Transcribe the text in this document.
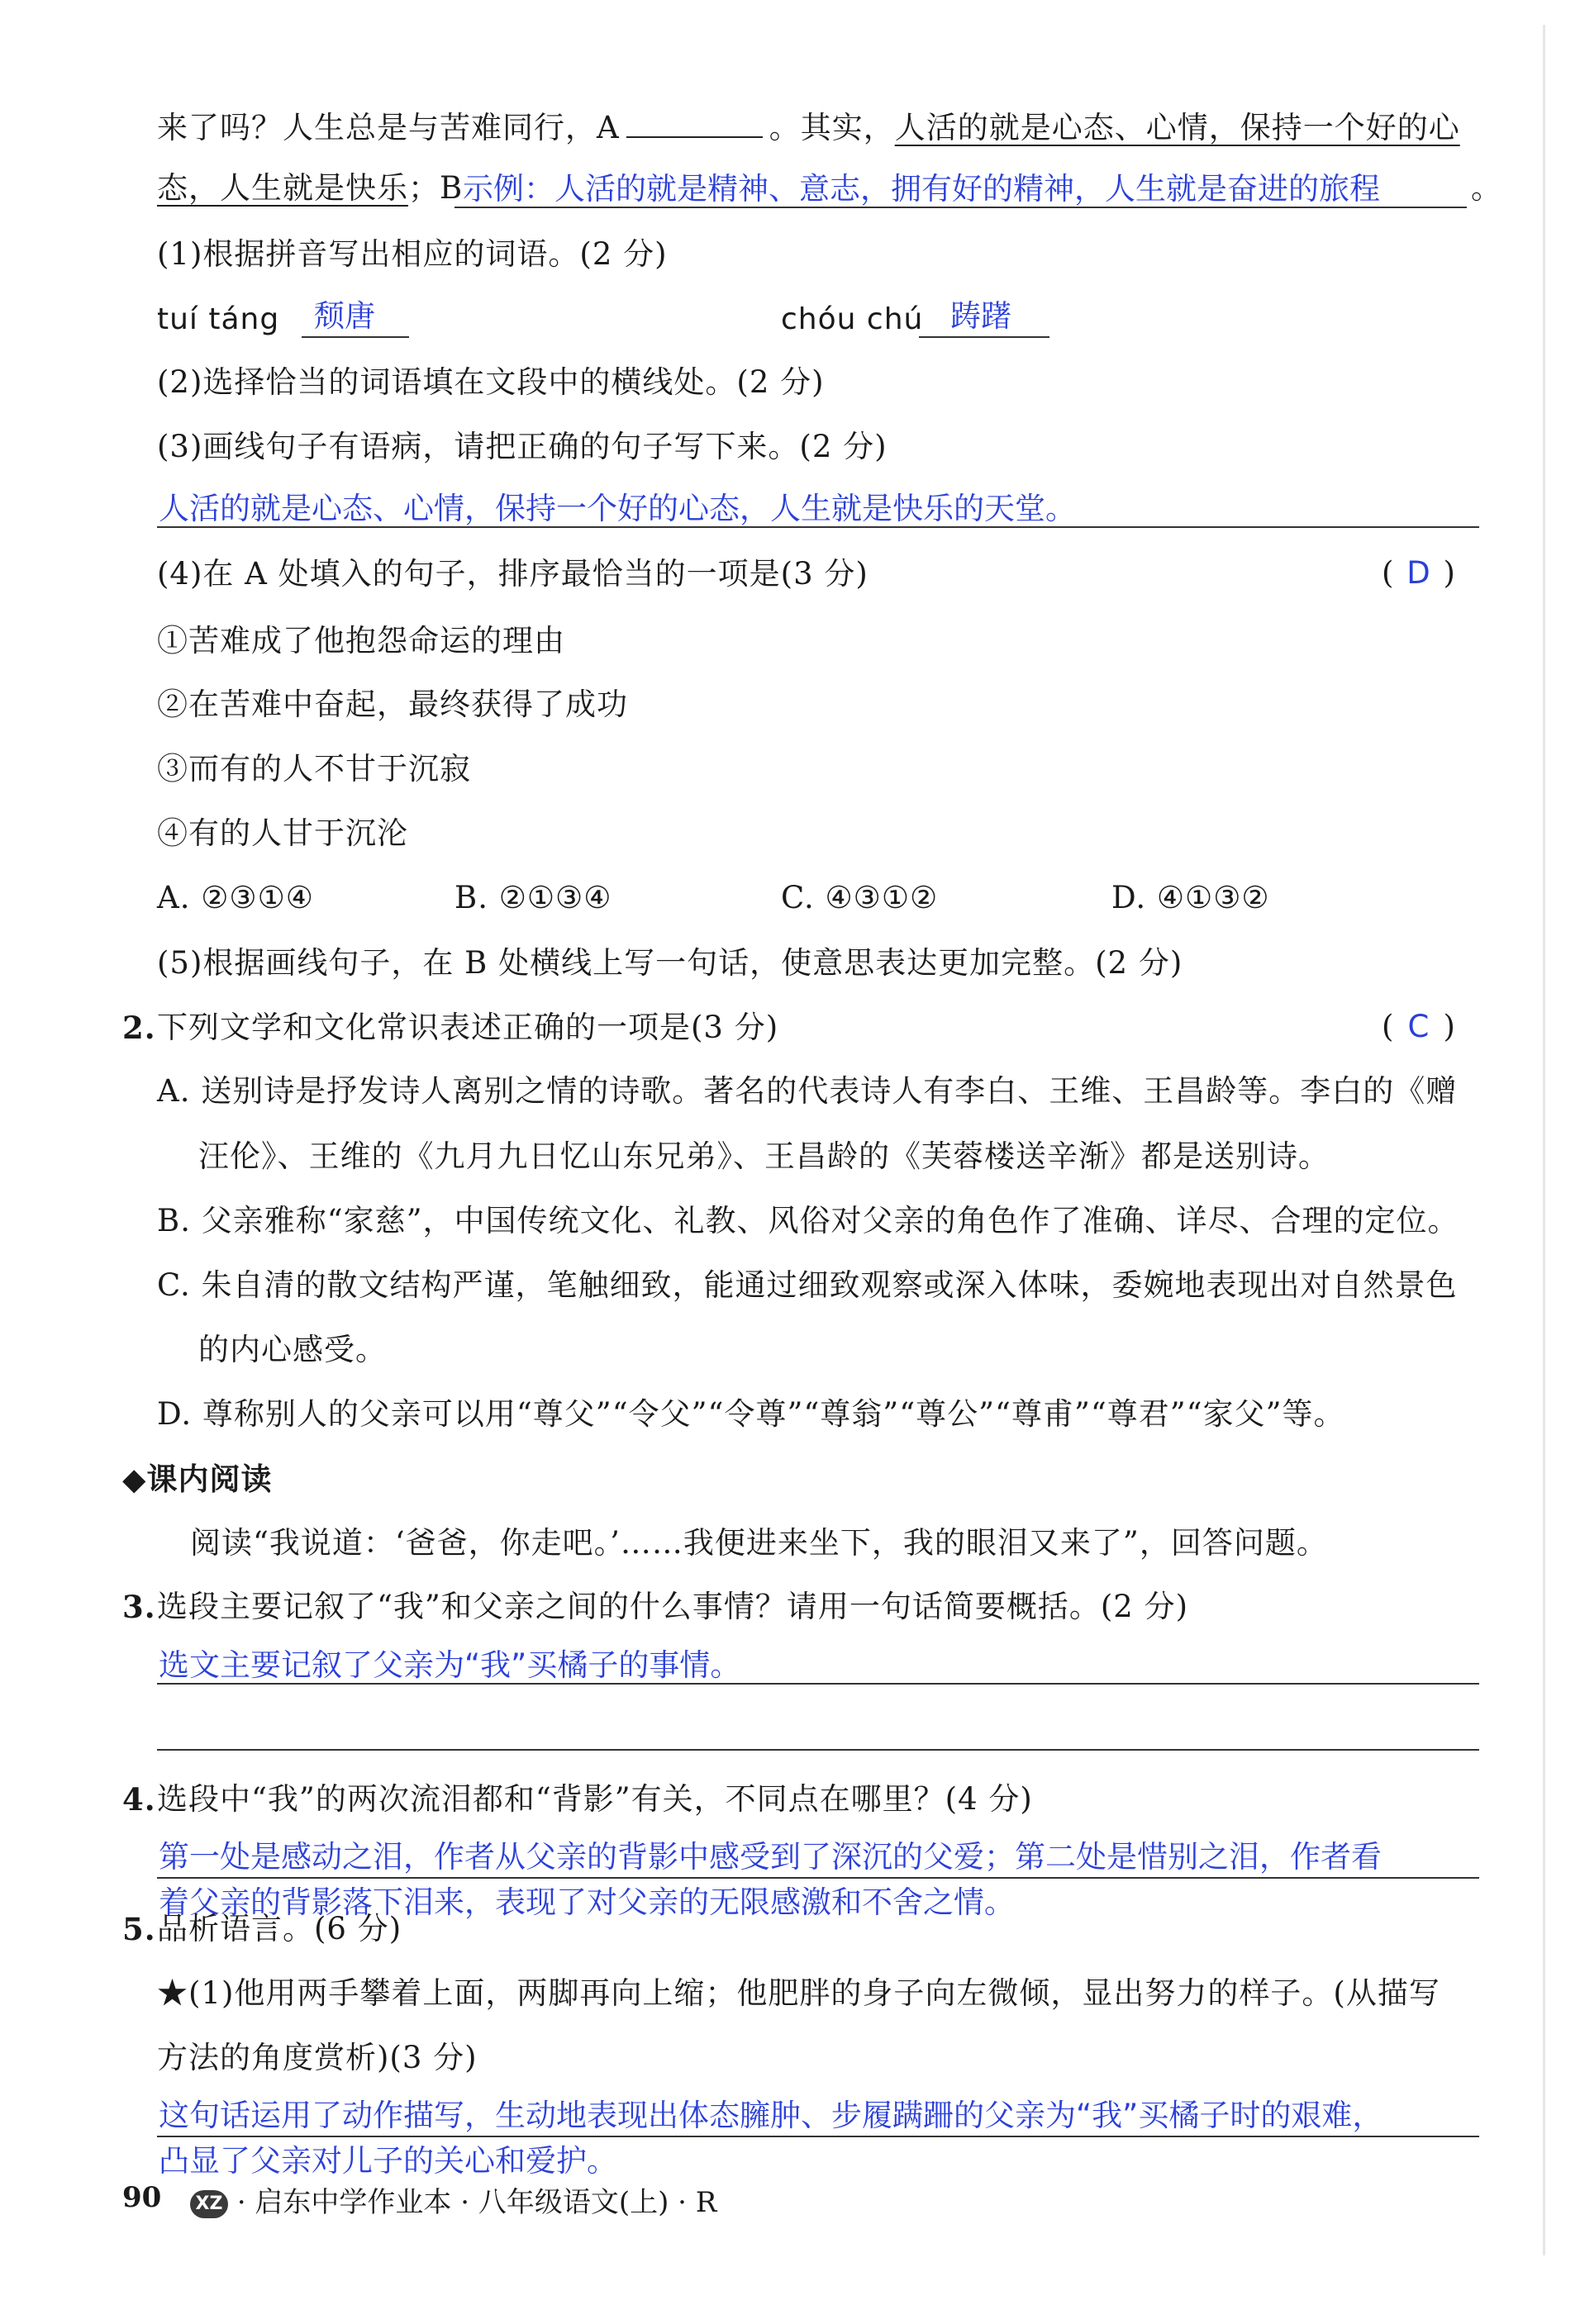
来了吗？人生总是与苦难同行，A	。其实，人活的就是心态、心情，保持一个好的心
态，人生就是快乐；B 示例：人活的就是精神、意志，拥有好的精神，人生就是奋进的旅程	。
(1)根据拼音写出相应的词语。(2 分)
tuí táng 颓唐	chóu chú 踌躇
(2)选择恰当的词语填在文段中的横线处。(2 分)
(3)画线句子有语病，请把正确的句子写下来。(2 分)
人活的就是心态、心情，保持一个好的心态，人生就是快乐的天堂。
(4)在 A 处填入的句子，排序最恰当的一项是(3 分)	( D )
①苦难成了他抱怨命运的理由
②在苦难中奋起，最终获得了成功
③而有的人不甘于沉寂
④有的人甘于沉沦
A. ②③①④	B. ②①③④	C. ④③①②	D. ④①③②
(5)根据画线句子，在 B 处横线上写一句话，使意思表达更加完整。(2 分)
2. 下列文学和文化常识表述正确的一项是(3 分)	( C )
A. 送别诗是抒发诗人离别之情的诗歌。著名的代表诗人有李白、王维、王昌龄等。李白的《赠
汪伦》、王维的《九月九日忆山东兄弟》、王昌龄的《芙蓉楼送辛渐》都是送别诗。
B. 父亲雅称“家慈”，中国传统文化、礼教、风俗对父亲的角色作了准确、详尽、合理的定位。
C. 朱自清的散文结构严谨，笔触细致，能通过细致观察或深入体味，委婉地表现出对自然景色
的内心感受。
D. 尊称别人的父亲可以用“尊父”“令父”“令尊”“尊翁”“尊公”“尊甫”“尊君”“家父”等。
◆课内阅读
阅读“我说道：‘爸爸，你走吧。’……我便进来坐下，我的眼泪又来了”，回答问题。
3. 选段主要记叙了“我”和父亲之间的什么事情？请用一句话简要概括。(2 分)
选文主要记叙了父亲为“我”买橘子的事情。
4. 选段中“我”的两次流泪都和“背影”有关，不同点在哪里？(4 分)
第一处是感动之泪，作者从父亲的背影中感受到了深沉的父爱；第二处是惜别之泪，作者看
着父亲的背影落下泪来，表现了对父亲的无限感激和不舍之情。
5. 品析语言。(6 分)
★(1)他用两手攀着上面，两脚再向上缩；他肥胖的身子向左微倾，显出努力的样子。(从描写
方法的角度赏析)(3 分)
这句话运用了动作描写，生动地表现出体态臃肿、步履蹒跚的父亲为“我”买橘子时的艰难，
凸显了父亲对儿子的关心和爱护。
90 XZ · 启东中学作业本 · 八年级语文(上) · R
